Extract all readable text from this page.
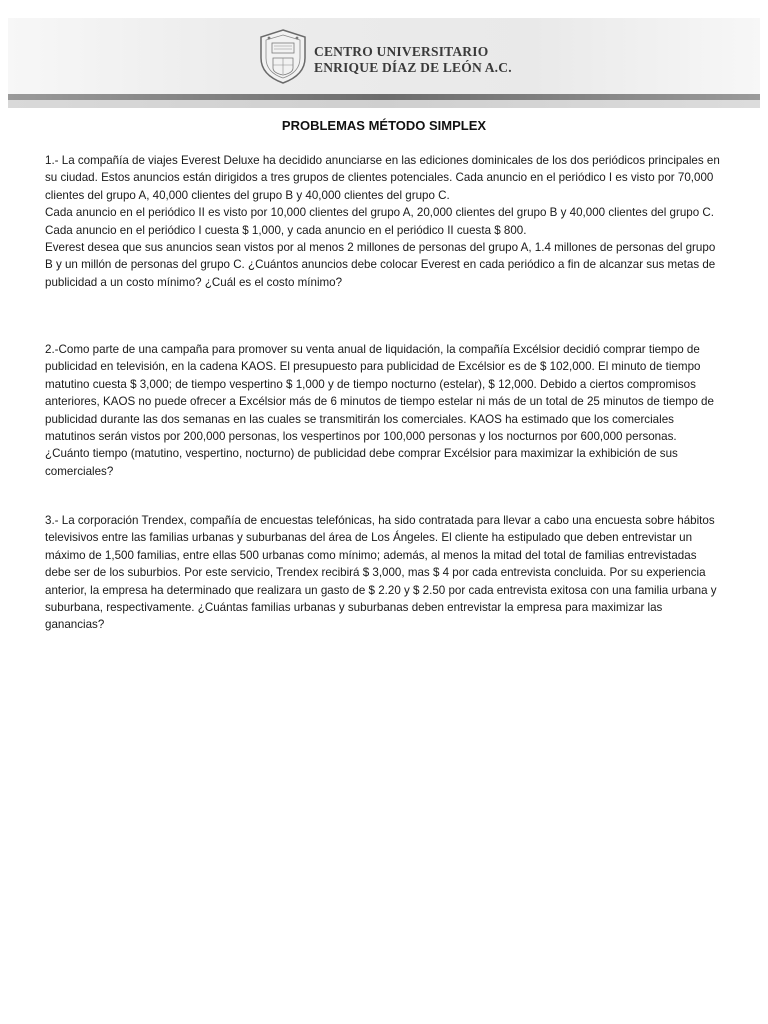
CENTRO UNIVERSITARIO
ENRIQUE DÍAZ DE LEÓN A.C.
PROBLEMAS MÉTODO SIMPLEX

1.- La compañía de viajes Everest Deluxe ha decidido anunciarse en las ediciones dominicales de los dos periódicos principales en su ciudad. Estos anuncios están dirigidos a tres grupos de clientes potenciales. Cada anuncio en el periódico I es visto por 70,000 clientes del grupo A, 40,000 clientes del grupo B y 40,000 clientes del grupo C.

Cada anuncio en el periódico II es visto por 10,000 clientes del grupo A, 20,000 clientes del grupo B y 40,000 clientes del grupo C. Cada anuncio en el periódico I cuesta $ 1,000, y cada anuncio en el periódico II cuesta $ 800.

Everest desea que sus anuncios sean vistos por al menos 2 millones de personas del grupo A, 1.4 millones de personas del grupo B y un millón de personas del grupo C. ¿Cuántos anuncios debe colocar Everest en cada periódico a fin de alcanzar sus metas de publicidad a un costo mínimo? ¿Cuál es el costo mínimo?

2.-Como parte de una campaña para promover su venta anual de liquidación, la compañía Excélsior decidió comprar tiempo de publicidad en televisión, en la cadena KAOS. El presupuesto para publicidad de Excélsior es de $ 102,000. El minuto de tiempo matutino cuesta $ 3,000; de tiempo vespertino $ 1,000 y de tiempo nocturno (estelar), $ 12,000. Debido a ciertos compromisos anteriores, KAOS no puede ofrecer a Excélsior más de 6 minutos de tiempo estelar ni más de un total de 25 minutos de tiempo de publicidad durante las dos semanas en las cuales se transmitirán los comerciales. KAOS ha estimado que los comerciales matutinos serán vistos por 200,000 personas, los vespertinos por 100,000 personas y los nocturnos por 600,000 personas. ¿Cuánto tiempo (matutino, vespertino, nocturno) de publicidad debe comprar Excélsior para maximizar la exhibición de sus comerciales?

3.- La corporación Trendex, compañía de encuestas telefónicas, ha sido contratada para llevar a cabo una encuesta sobre hábitos televisivos entre las familias urbanas y suburbanas del área de Los Ángeles. El cliente ha estipulado que deben entrevistar un máximo de 1,500 familias, entre ellas 500 urbanas como mínimo; además, al menos la mitad del total de familias entrevistadas debe ser de los suburbios. Por este servicio, Trendex recibirá $ 3,000, mas $ 4 por cada entrevista concluida. Por su experiencia anterior, la empresa ha determinado que realizara un gasto de $ 2.20 y $ 2.50 por cada entrevista exitosa con una familia urbana y suburbana, respectivamente. ¿Cuántas familias urbanas y suburbanas deben entrevistar la empresa para maximizar las ganancias?
